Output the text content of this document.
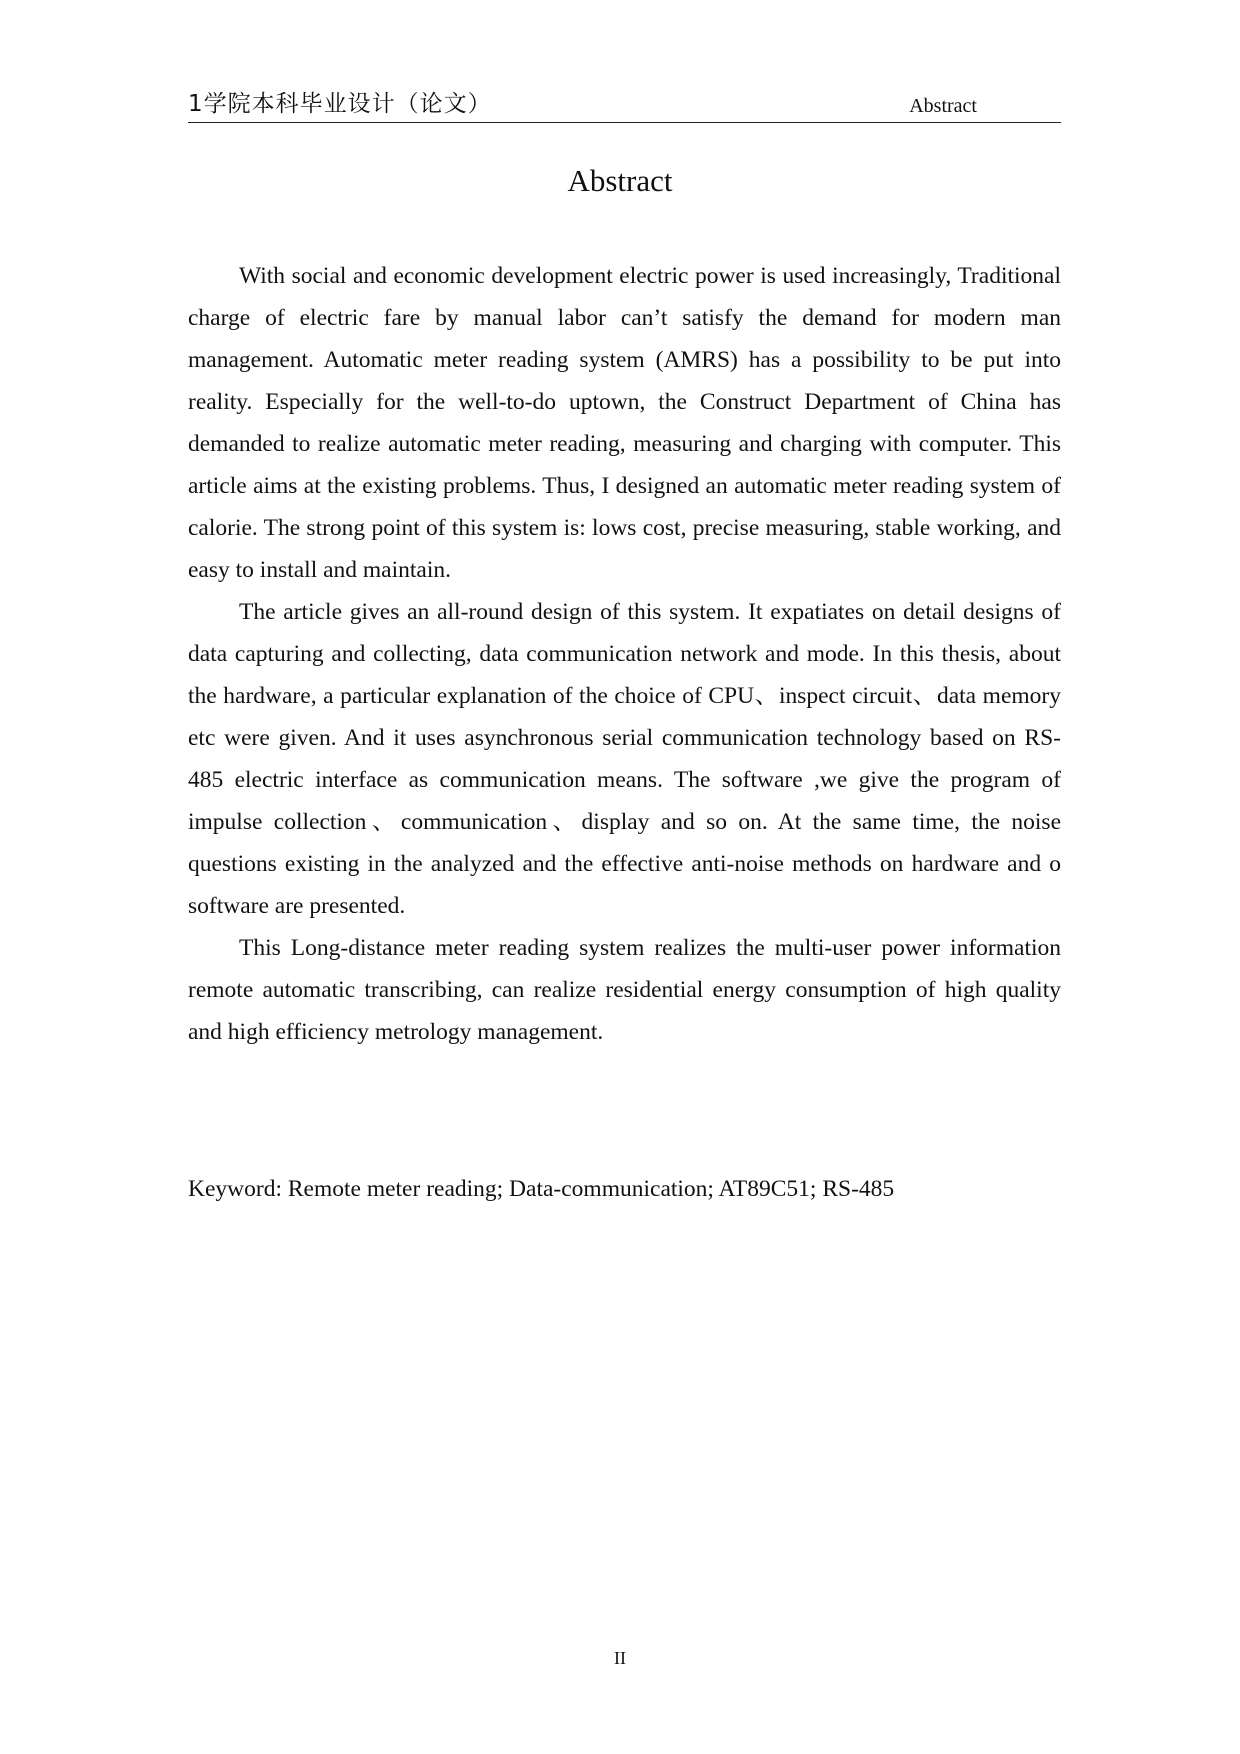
1学院本科毕业设计（论文）	Abstract
Abstract

With social and economic development electric power is used increasingly, Traditional charge of electric fare by manual labor can’t satisfy the demand for modern man management. Automatic meter reading system (AMRS) has a possibility to be put into reality. Especially for the well-to-do uptown, the Construct Department of China has demanded to realize automatic meter reading, measuring and charging with computer. This article aims at the existing problems. Thus, I designed an automatic meter reading system of calorie. The strong point of this system is: lows cost, precise measuring, stable working, and easy to install and maintain.

The article gives an all-round design of this system. It expatiates on detail designs of data capturing and collecting, data communication network and mode. In this thesis, about the hardware, a particular explanation of the choice of CPU、inspect circuit、data memory etc were given. And it uses asynchronous serial communication technology based on RS-485 electric interface as communication means. The software ,we give the program of impulse collection、communication、display and so on. At the same time, the noise questions existing in the analyzed and the effective anti-noise methods on hardware and o software are presented.

This Long-distance meter reading system realizes the multi-user power information remote automatic transcribing, can realize residential energy consumption of high quality and high efficiency metrology management.

Keyword: Remote meter reading; Data-communication; AT89C51; RS-485
II
